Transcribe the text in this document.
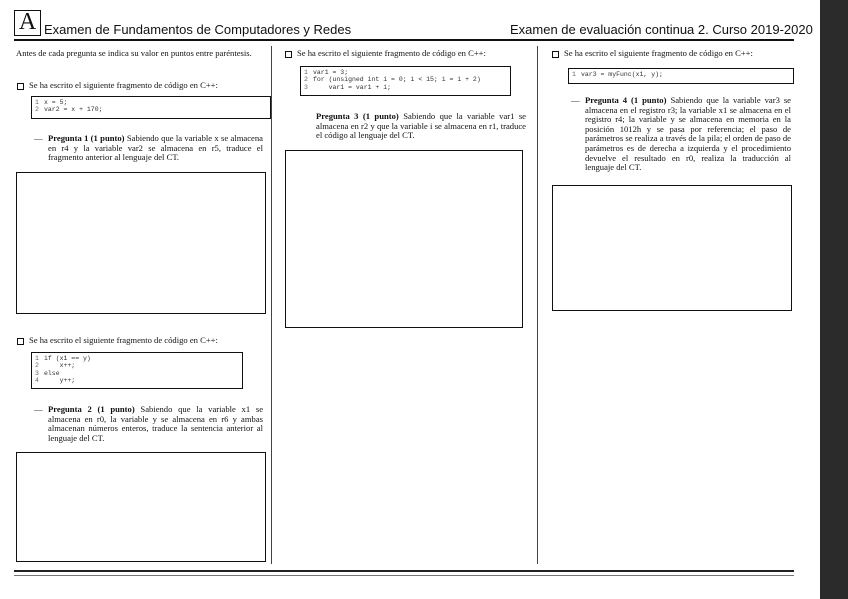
A Examen de Fundamentos de Computadores y Redes	Examen de evaluación continua 2. Curso 2019-2020
Antes de cada pregunta se indica su valor en puntos entre paréntesis.
Se ha escrito el siguiente fragmento de código en C++:
1 x = 5;
2 var2 = x + 170;
— Pregunta 1 (1 punto) Sabiendo que la variable x se almacena en r4 y la variable var2 se almacena en r5, traduce el fragmento anterior al lenguaje del CT.
Se ha escrito el siguiente fragmento de código en C++:
1 if (x1 == y)
2    x++;
3 else
4    y++;
— Pregunta 2 (1 punto) Sabiendo que la variable x1 se almacena en r0, la variable y se almacena en r6 y ambas almacenan números enteros, traduce la sentencia anterior al lenguaje del CT.
Se ha escrito el siguiente fragmento de código en C++:
1 var1 = 3;
2 for (unsigned int i = 0; i < 15; i = i + 2)
3    var1 = var1 + i;
Pregunta 3 (1 punto) Sabiendo que la variable var1 se almacena en r2 y que la variable i se almacena en r1, traduce el código al lenguaje del CT.
Se ha escrito el siguiente fragmento de código en C++:
1 var3 = myFunc(x1, y);
— Pregunta 4 (1 punto) Sabiendo que la variable var3 se almacena en el registro r3; la variable x1 se almacena en el registro r4; la variable y se almacena en memoria en la posición 1012h y se pasa por referencia; el paso de parámetros se realiza a través de la pila; el orden de paso de parámetros es de derecha a izquierda y el procedimiento devuelve el resultado en r0, realiza la traducción al lenguaje del CT.
